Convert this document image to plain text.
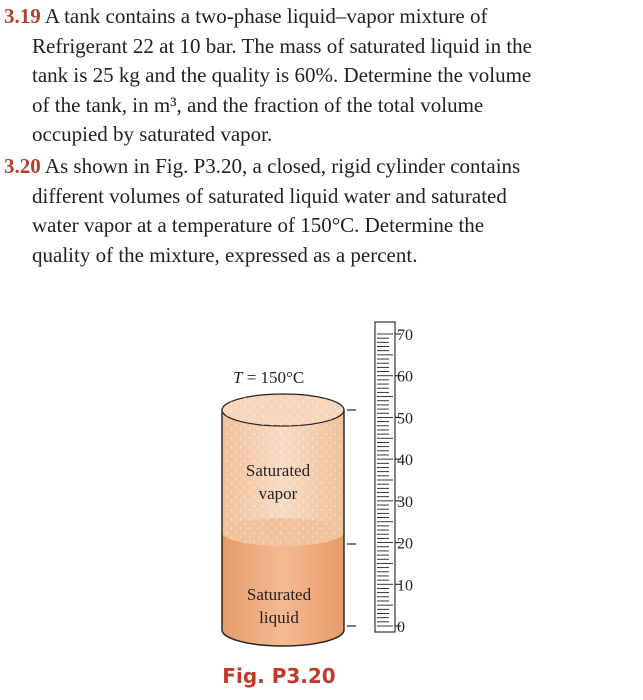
3.19 A tank contains a two-phase liquid–vapor mixture of
Refrigerant 22 at 10 bar. The mass of saturated liquid in the
tank is 25 kg and the quality is 60%. Determine the volume
of the tank, in m³, and the fraction of the total volume
occupied by saturated vapor.
3.20 As shown in Fig. P3.20, a closed, rigid cylinder contains
different volumes of saturated liquid water and saturated
water vapor at a temperature of 150°C. Determine the
quality of the mixture, expressed as a percent.
T = 150°C
Saturated
vapor
Saturated
liquid
70
60
50
40
30
20
10
0
Fig. P3.20
